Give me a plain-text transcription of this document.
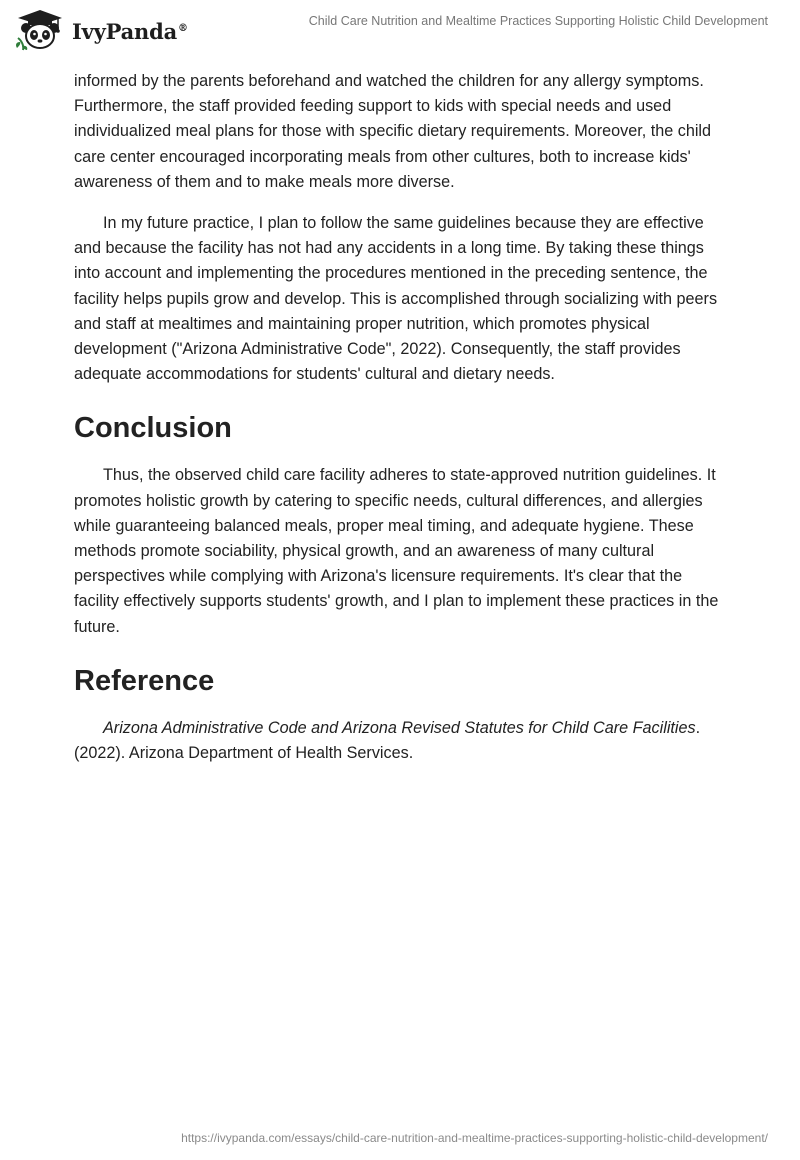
IvyPanda®	Child Care Nutrition and Mealtime Practices Supporting Holistic Child Development

informed by the parents beforehand and watched the children for any allergy symptoms. Furthermore, the staff provided feeding support to kids with special needs and used individualized meal plans for those with specific dietary requirements. Moreover, the child care center encouraged incorporating meals from other cultures, both to increase kids' awareness of them and to make meals more diverse.

In my future practice, I plan to follow the same guidelines because they are effective and because the facility has not had any accidents in a long time. By taking these things into account and implementing the procedures mentioned in the preceding sentence, the facility helps pupils grow and develop. This is accomplished through socializing with peers and staff at mealtimes and maintaining proper nutrition, which promotes physical development ("Arizona Administrative Code", 2022). Consequently, the staff provides adequate accommodations for students' cultural and dietary needs.

Conclusion

Thus, the observed child care facility adheres to state-approved nutrition guidelines. It promotes holistic growth by catering to specific needs, cultural differences, and allergies while guaranteeing balanced meals, proper meal timing, and adequate hygiene. These methods promote sociability, physical growth, and an awareness of many cultural perspectives while complying with Arizona's licensure requirements. It's clear that the facility effectively supports students' growth, and I plan to implement these practices in the future.

Reference

Arizona Administrative Code and Arizona Revised Statutes for Child Care Facilities. (2022). Arizona Department of Health Services.

https://ivypanda.com/essays/child-care-nutrition-and-mealtime-practices-supporting-holistic-child-development/
